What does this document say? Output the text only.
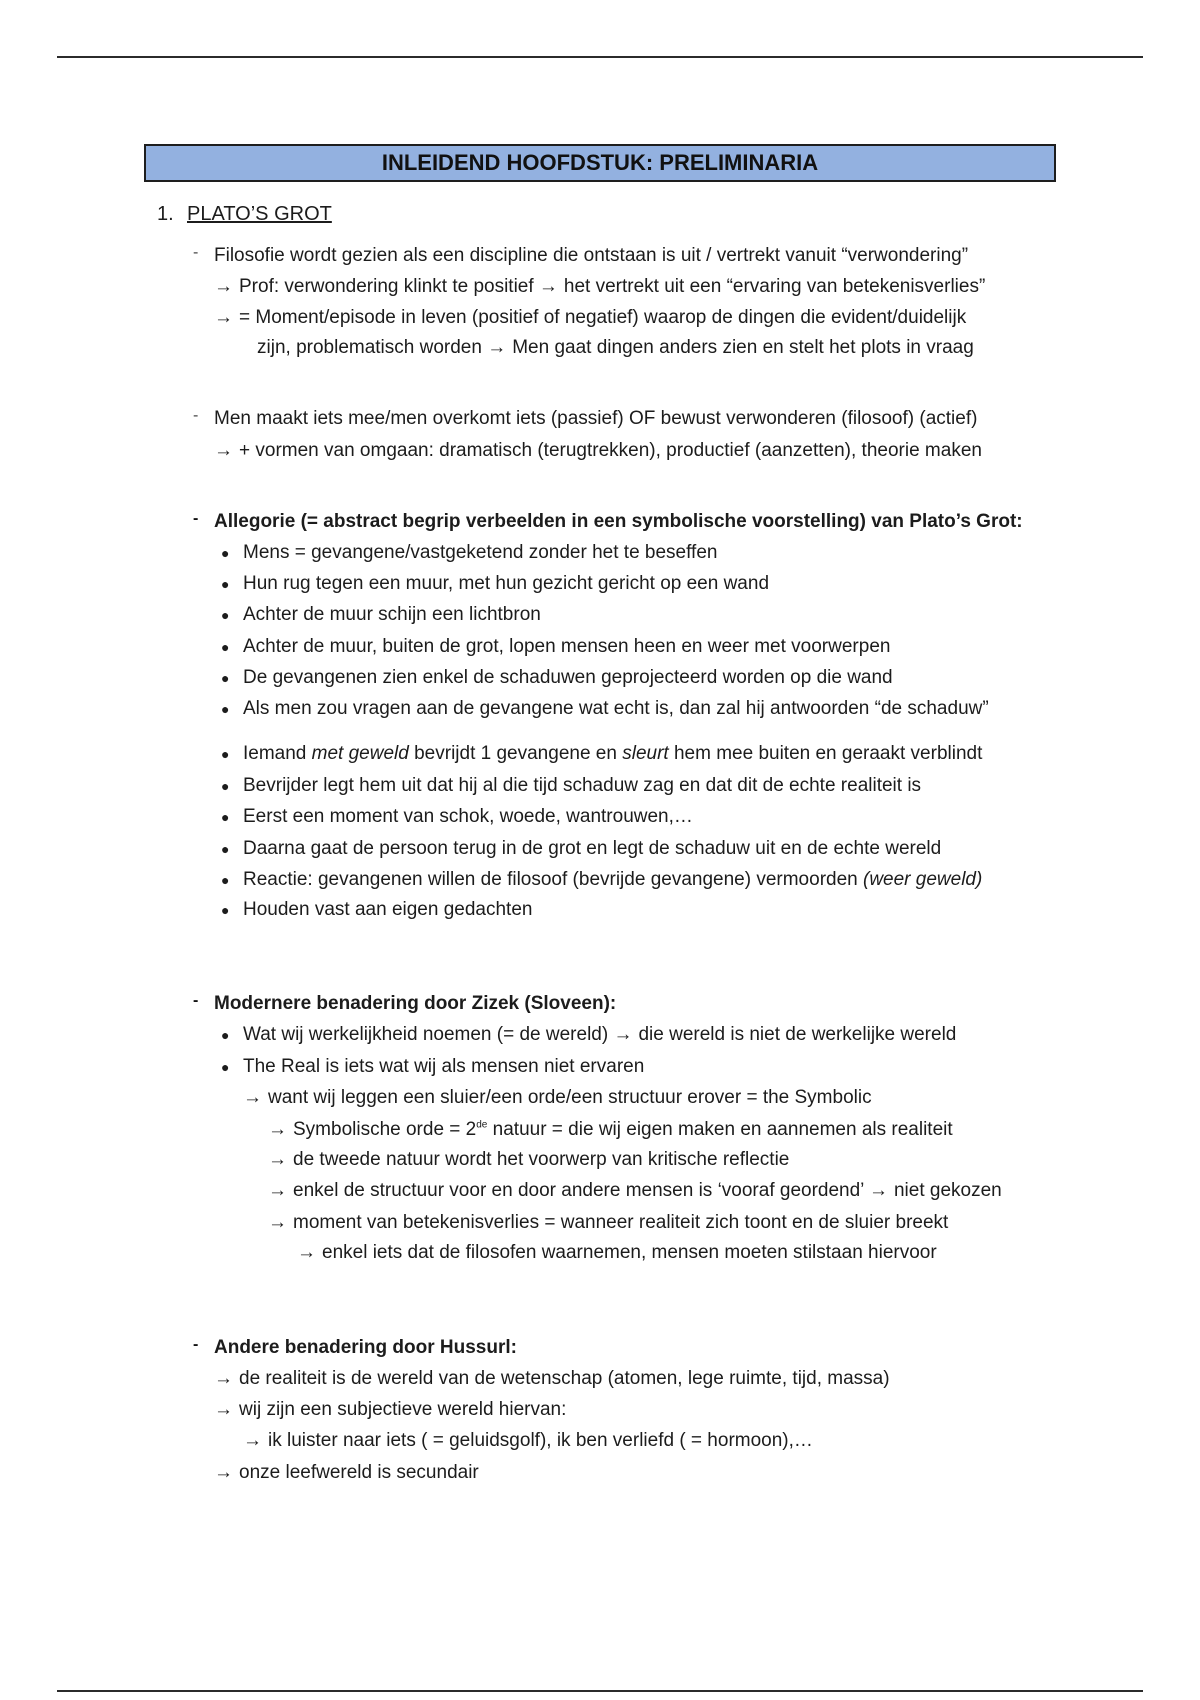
INLEIDEND HOOFDSTUK: PRELIMINARIA
1. PLATO’S GROT
- Filosofie wordt gezien als een discipline die ontstaan is uit / vertrekt vanuit “verwondering”
→ Prof: verwondering klinkt te positief → het vertrekt uit een “ervaring van betekenisverlies”
→ = Moment/episode in leven (positief of negatief) waarop de dingen die evident/duidelijk
zijn, problematisch worden → Men gaat dingen anders zien en stelt het plots in vraag
- Men maakt iets mee/men overkomt iets (passief) OF bewust verwonderen (filosoof) (actief)
→ + vormen van omgaan: dramatisch (terugtrekken), productief (aanzetten), theorie maken
- Allegorie (= abstract begrip verbeelden in een symbolische voorstelling) van Plato’s Grot:
● Mens = gevangene/vastgeketend zonder het te beseffen
● Hun rug tegen een muur, met hun gezicht gericht op een wand
● Achter de muur schijn een lichtbron
● Achter de muur, buiten de grot, lopen mensen heen en weer met voorwerpen
● De gevangenen zien enkel de schaduwen geprojecteerd worden op die wand
● Als men zou vragen aan de gevangene wat echt is, dan zal hij antwoorden “de schaduw”
● Iemand met geweld bevrijdt 1 gevangene en sleurt hem mee buiten en geraakt verblindt
● Bevrijder legt hem uit dat hij al die tijd schaduw zag en dat dit de echte realiteit is
● Eerst een moment van schok, woede, wantrouwen,…
● Daarna gaat de persoon terug in de grot en legt de schaduw uit en de echte wereld
● Reactie: gevangenen willen de filosoof (bevrijde gevangene) vermoorden (weer geweld)
● Houden vast aan eigen gedachten
- Modernere benadering door Zizek (Sloveen):
● Wat wij werkelijkheid noemen (= de wereld) → die wereld is niet de werkelijke wereld
● The Real is iets wat wij als mensen niet ervaren
→ want wij leggen een sluier/een orde/een structuur erover = the Symbolic
→ Symbolische orde = 2de natuur = die wij eigen maken en aannemen als realiteit
→ de tweede natuur wordt het voorwerp van kritische reflectie
→ enkel de structuur voor en door andere mensen is ‘vooraf geordend’ → niet gekozen
→ moment van betekenisverlies = wanneer realiteit zich toont en de sluier breekt
→ enkel iets dat de filosofen waarnemen, mensen moeten stilstaan hiervoor
- Andere benadering door Hussurl:
→ de realiteit is de wereld van de wetenschap (atomen, lege ruimte, tijd, massa)
→ wij zijn een subjectieve wereld hiervan:
→ ik luister naar iets ( = geluidsgolf), ik ben verliefd ( = hormoon),…
→ onze leefwereld is secundair
